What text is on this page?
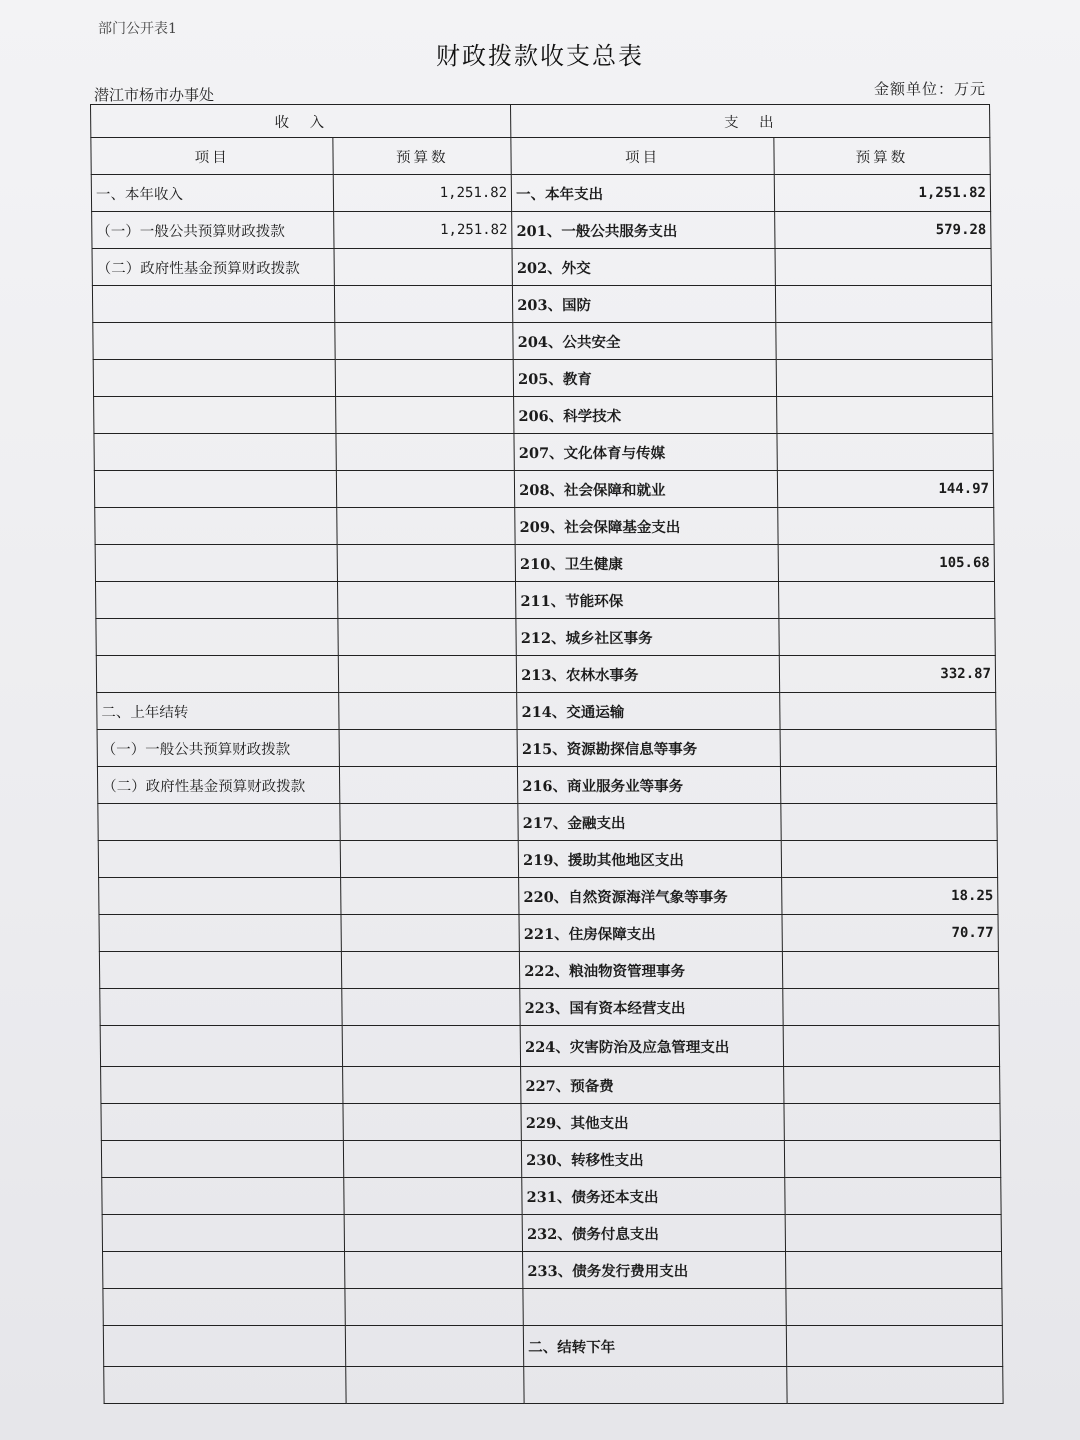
部门公开表1
财政拨款收支总表
潜江市杨市办事处	金额单位：万元
收　入		支　出	
项目	预算数	项目	预算数
一、本年收入	1,251.82	一、本年支出	1,251.82
（一）一般公共预算财政拨款	1,251.82	201、一般公共服务支出	579.28
（二）政府性基金预算财政拨款		202、外交	
		203、国防	
		204、公共安全	
		205、教育	
		206、科学技术	
		207、文化体育与传媒	
		208、社会保障和就业	144.97
		209、社会保障基金支出	
		210、卫生健康	105.68
		211、节能环保	
		212、城乡社区事务	
		213、农林水事务	332.87
二、上年结转		214、交通运输	
（一）一般公共预算财政拨款		215、资源勘探信息等事务	
（二）政府性基金预算财政拨款		216、商业服务业等事务	
		217、金融支出	
		219、援助其他地区支出	
		220、自然资源海洋气象等事务	18.25
		221、住房保障支出	70.77
		222、粮油物资管理事务	
		223、国有资本经营支出	
		224、灾害防治及应急管理支出	
		227、预备费	
		229、其他支出	
		230、转移性支出	
		231、债务还本支出	
		232、债务付息支出	
		233、债务发行费用支出	

		二、结转下年	
